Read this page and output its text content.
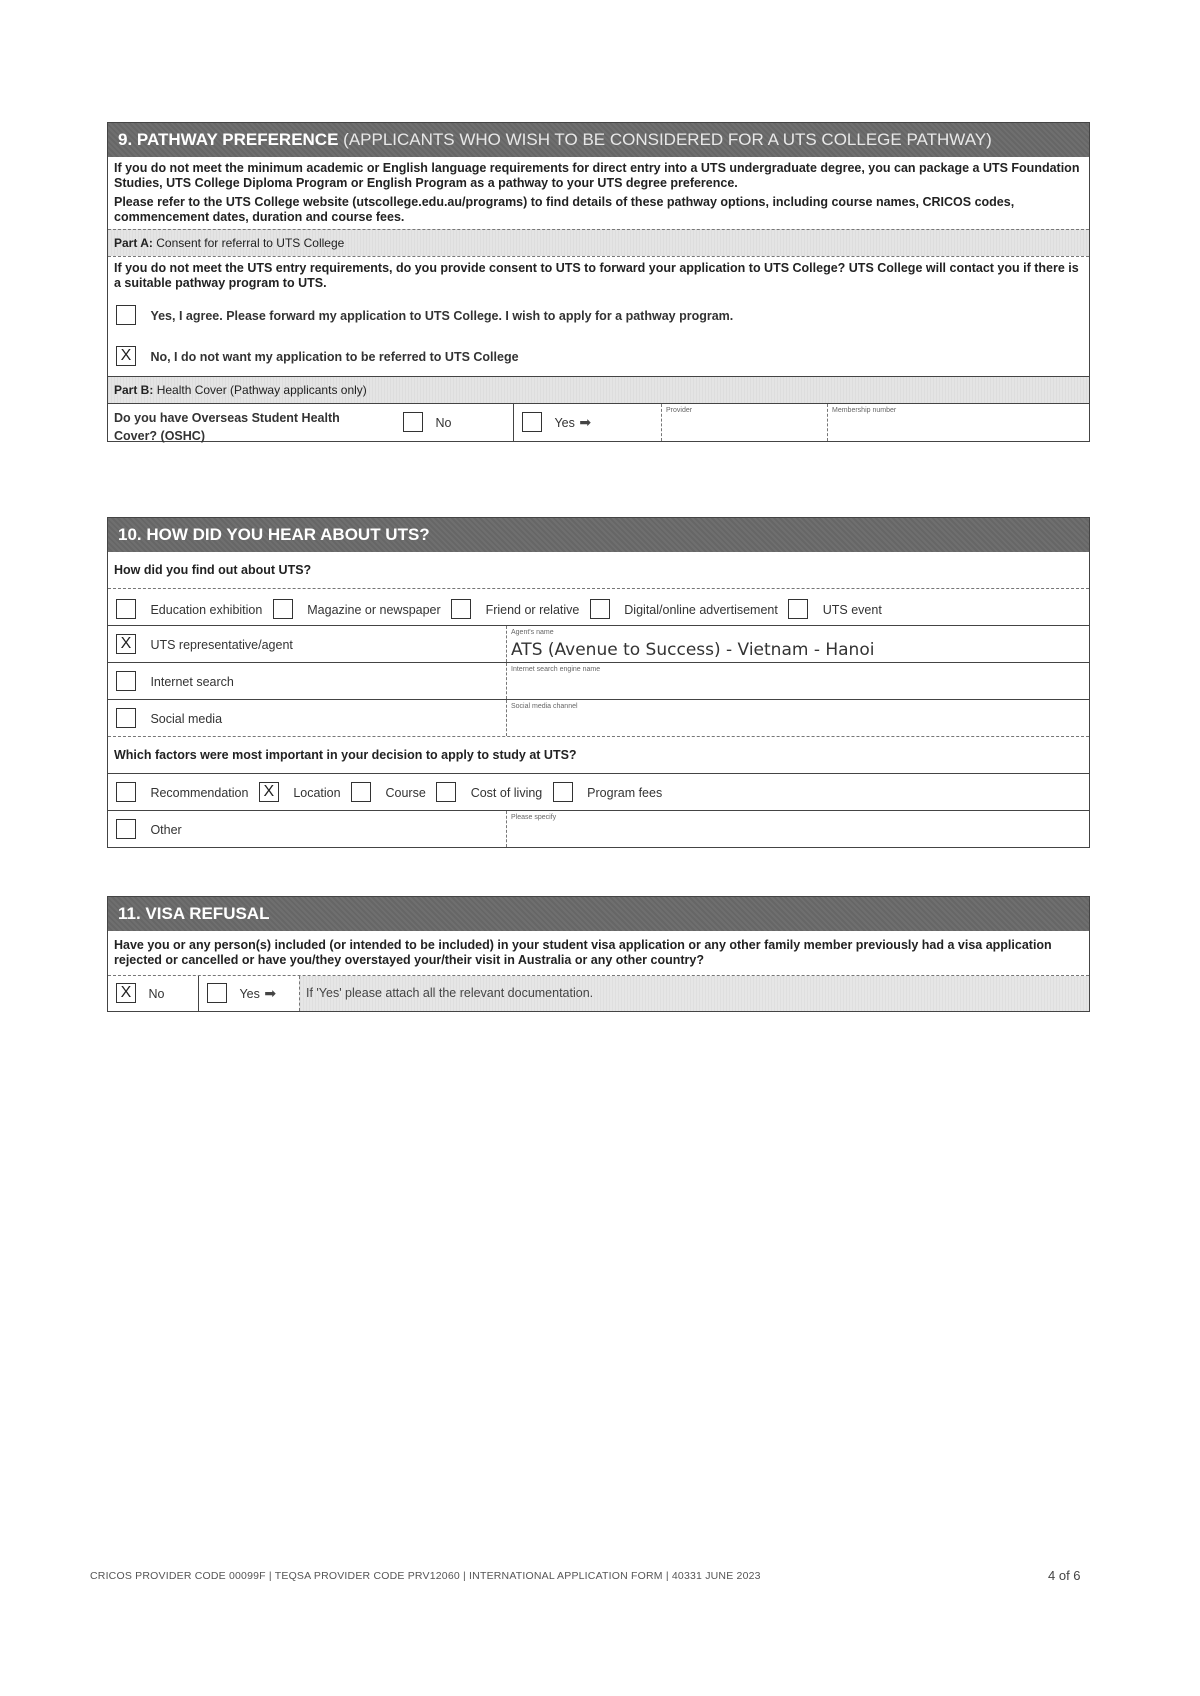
9. PATHWAY PREFERENCE (APPLICANTS WHO WISH TO BE CONSIDERED FOR A UTS COLLEGE PATHWAY)
If you do not meet the minimum academic or English language requirements for direct entry into a UTS undergraduate degree, you can package a UTS Foundation Studies, UTS College Diploma Program or English Program as a pathway to your UTS degree preference.
Please refer to the UTS College website (utscollege.edu.au/programs) to find details of these pathway options, including course names, CRICOS codes, commencement dates, duration and course fees.
Part A: Consent for referral to UTS College
If you do not meet the UTS entry requirements, do you provide consent to UTS to forward your application to UTS College? UTS College will contact you if there is a suitable pathway program to UTS.
Yes, I agree. Please forward my application to UTS College. I wish to apply for a pathway program.
X No, I do not want my application to be referred to UTS College
Part B: Health Cover (Pathway applicants only)
Do you have Overseas Student Health Cover? (OSHC)
No	Yes ➡
Provider	Membership number
10. HOW DID YOU HEAR ABOUT UTS?
How did you find out about UTS?
Education exhibition	Magazine or newspaper	Friend or relative	Digital/online advertisement	UTS event
X UTS representative/agent
Agent's name
ATS (Avenue to Success) - Vietnam - Hanoi
Internet search
Internet search engine name
Social media
Social media channel
Which factors were most important in your decision to apply to study at UTS?
Recommendation X Location	Course	Cost of living	Program fees
Other
Please specify
11. VISA REFUSAL
Have you or any person(s) included (or intended to be included) in your student visa application or any other family member previously had a visa application rejected or cancelled or have you/they overstayed your/their visit in Australia or any other country?
X No	Yes ➡	If 'Yes' please attach all the relevant documentation.
CRICOS PROVIDER CODE 00099F | TEQSA PROVIDER CODE PRV12060 | INTERNATIONAL APPLICATION FORM | 40331 JUNE 2023	4 of 6
